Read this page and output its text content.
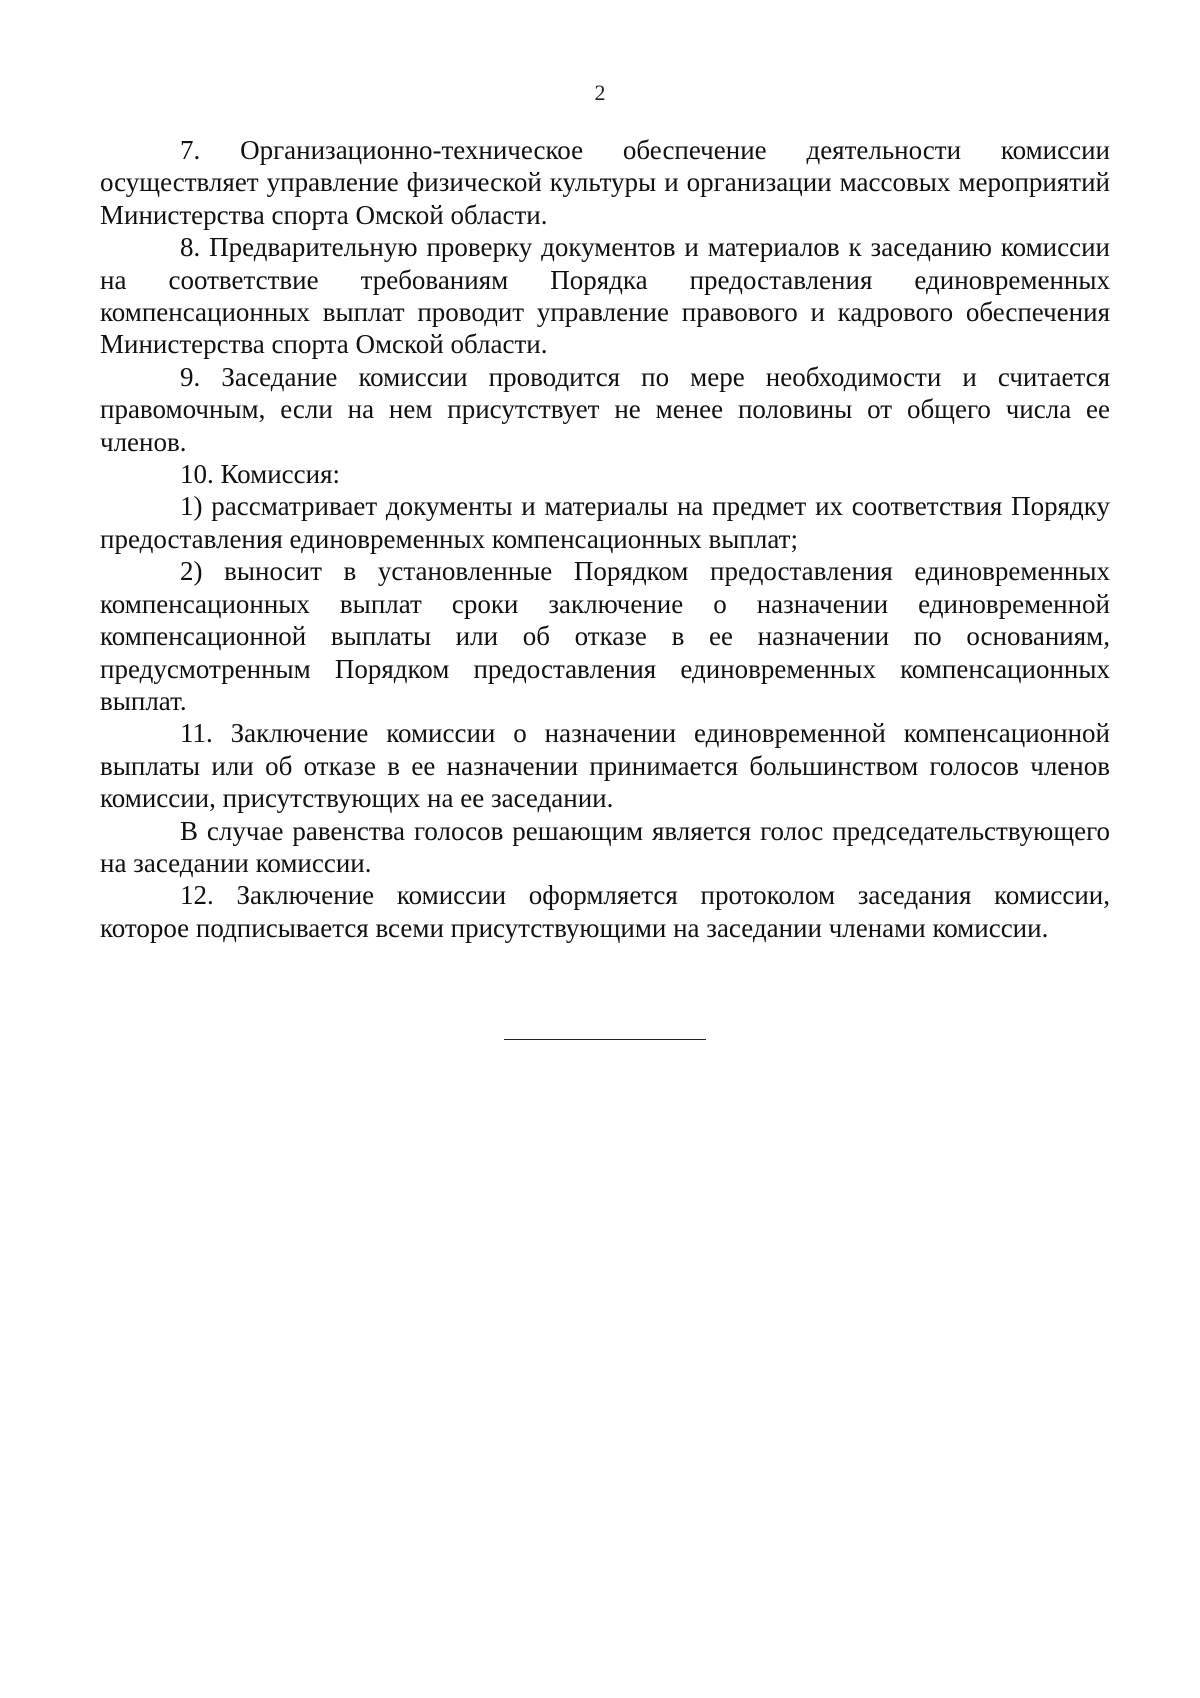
2

7. Организационно-техническое обеспечение деятельности комиссии осуществляет управление физической культуры и организации массовых мероприятий Министерства спорта Омской области.

8. Предварительную проверку документов и материалов к заседанию комиссии на соответствие требованиям Порядка предоставления единовременных компенсационных выплат проводит управление правового и кадрового обеспечения Министерства спорта Омской области.

9. Заседание комиссии проводится по мере необходимости и считается правомочным, если на нем присутствует не менее половины от общего числа ее членов.

10. Комиссия:

1) рассматривает документы и материалы на предмет их соответствия Порядку предоставления единовременных компенсационных выплат;

2) выносит в установленные Порядком предоставления единовременных компенсационных выплат сроки заключение о назначении единовременной компенсационной выплаты или об отказе в ее назначении по основаниям, предусмотренным Порядком предоставления единовременных компенсационных выплат.

11. Заключение комиссии о назначении единовременной компенсационной выплаты или об отказе в ее назначении принимается большинством голосов членов комиссии, присутствующих на ее заседании.

В случае равенства голосов решающим является голос председательствующего на заседании комиссии.

12. Заключение комиссии оформляется протоколом заседания комиссии, которое подписывается всеми присутствующими на заседании членами комиссии.
